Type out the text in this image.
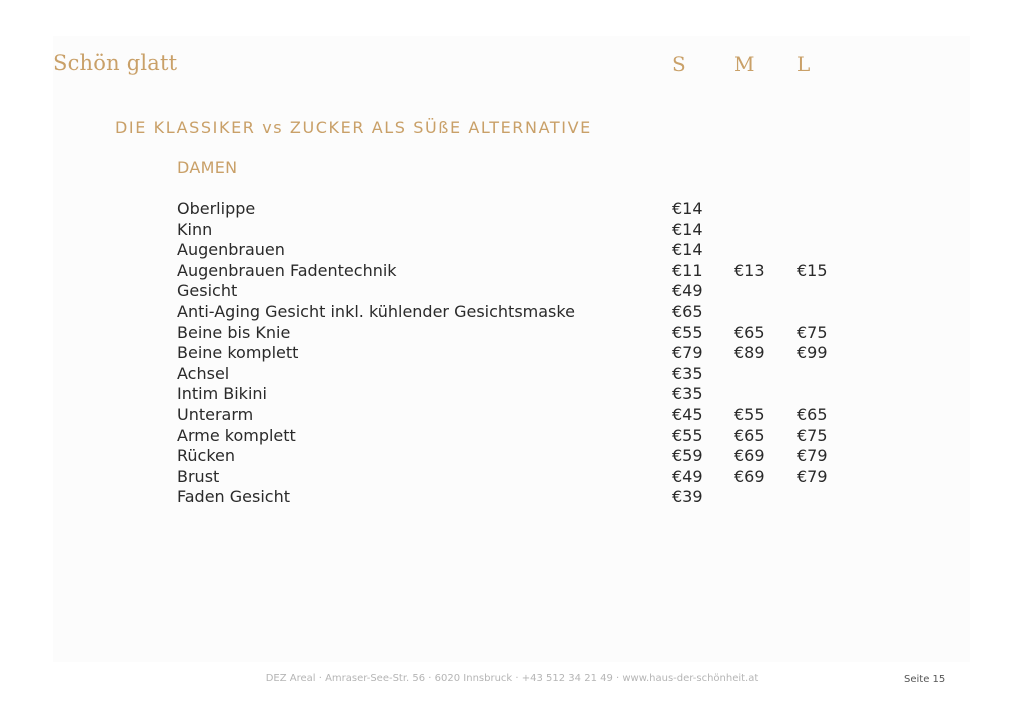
Schön glatt	S M L
DIE KLASSIKER vs ZUCKER ALS SÜßE ALTERNATIVE
DAMEN
Oberlippe	€14
Kinn	€14
Augenbrauen	€14
Augenbrauen Fadentechnik	€11 €13 €15
Gesicht	€49
Anti-Aging Gesicht inkl. kühlender Gesichtsmaske	€65
Beine bis Knie	€55 €65 €75
Beine komplett	€79 €89 €99
Achsel	€35
Intim Bikini	€35
Unterarm	€45 €55 €65
Arme komplett	€55 €65 €75
Rücken	€59 €69 €79
Brust	€49 €69 €79
Faden Gesicht	€39
DEZ Areal · Amraser-See-Str. 56 · 6020 Innsbruck · +43 512 34 21 49 · www.haus-der-schönheit.at	Seite 15
